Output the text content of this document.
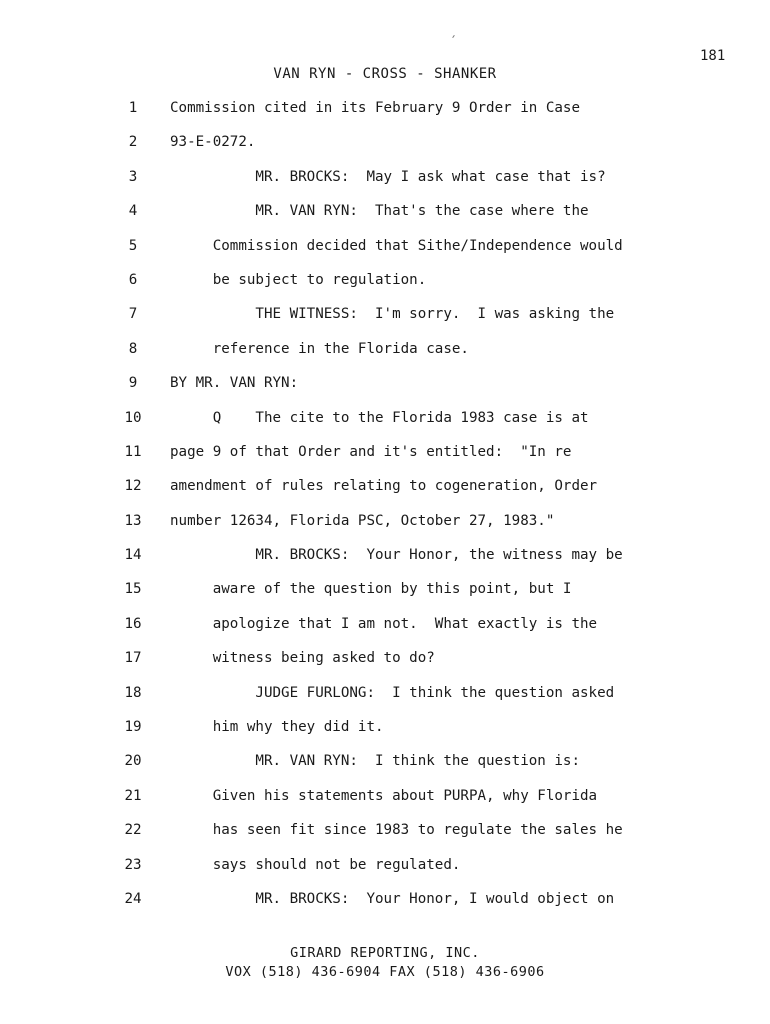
181
VAN RYN - CROSS - SHANKER
1	Commission cited in its February 9 Order in Case
2	93-E-0272.
3	MR. BROCKS:  May I ask what case that is?
4	MR. VAN RYN:  That's the case where the
5	Commission decided that Sithe/Independence would
6	be subject to regulation.
7	THE WITNESS:  I'm sorry.  I was asking the
8	reference in the Florida case.
9	BY MR. VAN RYN:
10	Q    The cite to the Florida 1983 case is at
11	page 9 of that Order and it's entitled:  "In re
12	amendment of rules relating to cogeneration, Order
13	number 12634, Florida PSC, October 27, 1983."
14	MR. BROCKS:  Your Honor, the witness may be
15	aware of the question by this point, but I
16	apologize that I am not.  What exactly is the
17	witness being asked to do?
18	JUDGE FURLONG:  I think the question asked
19	him why they did it.
20	MR. VAN RYN:  I think the question is:
21	Given his statements about PURPA, why Florida
22	has seen fit since 1983 to regulate the sales he
23	says should not be regulated.
24	MR. BROCKS:  Your Honor, I would object on
GIRARD REPORTING, INC.
VOX (518) 436-6904 FAX (518) 436-6906
